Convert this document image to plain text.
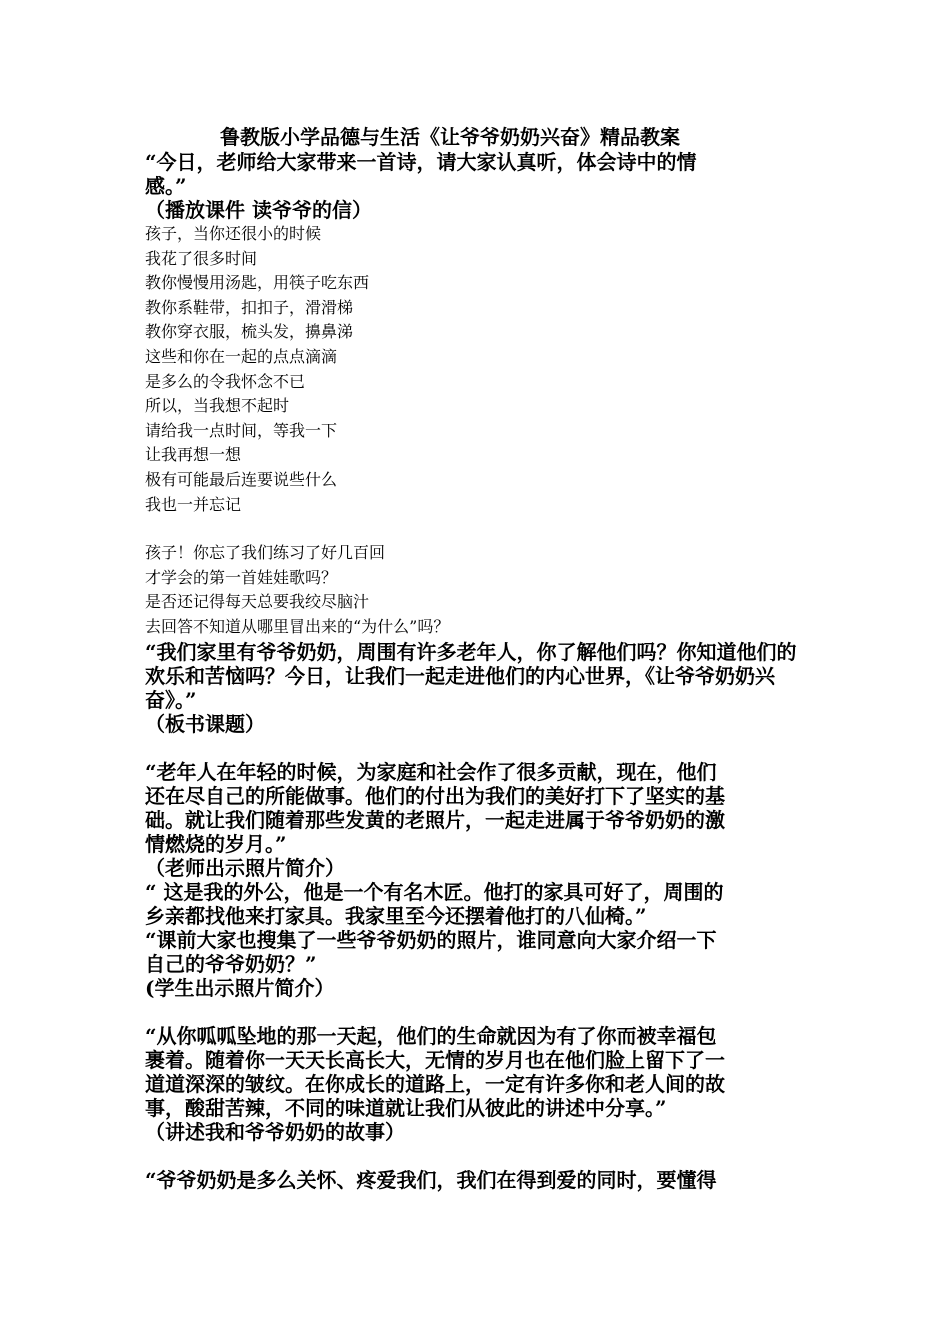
鲁教版小学品德与生活《让爷爷奶奶兴奋》精品教案
“今日，老师给大家带来一首诗，请大家认真听，体会诗中的情
感。”
（播放课件 读爷爷的信）
孩子，当你还很小的时候
我花了很多时间
教你慢慢用汤匙，用筷子吃东西
教你系鞋带，扣扣子，滑滑梯
教你穿衣服，梳头发，擤鼻涕
这些和你在一起的点点滴滴
是多么的令我怀念不已
所以，当我想不起时
请给我一点时间，等我一下
让我再想一想
极有可能最后连要说些什么
我也一并忘记
孩子！你忘了我们练习了好几百回
才学会的第一首娃娃歌吗？
是否还记得每天总要我绞尽脑汁
去回答不知道从哪里冒出来的“为什么”吗？
“我们家里有爷爷奶奶，周围有许多老年人，你了解他们吗？你知道他们的
欢乐和苦恼吗？今日，让我们一起走进他们的内心世界，《让爷爷奶奶兴
奋》。”
（板书课题）
“老年人在年轻的时候，为家庭和社会作了很多贡献，现在，他们
还在尽自己的所能做事。他们的付出为我们的美好打下了坚实的基
础。就让我们随着那些发黄的老照片，一起走进属于爷爷奶奶的激
情燃烧的岁月。”
（老师出示照片简介）
“ 这是我的外公，他是一个有名木匠。他打的家具可好了，周围的
乡亲都找他来打家具。我家里至今还摆着他打的八仙椅。”
“课前大家也搜集了一些爷爷奶奶的照片，谁同意向大家介绍一下
自己的爷爷奶奶？”
(学生出示照片简介）
“从你呱呱坠地的那一天起，他们的生命就因为有了你而被幸福包
裹着。随着你一天天长高长大，无情的岁月也在他们脸上留下了一
道道深深的皱纹。在你成长的道路上，一定有许多你和老人间的故
事，酸甜苦辣，不同的味道就让我们从彼此的讲述中分享。”
（讲述我和爷爷奶奶的故事）
“爷爷奶奶是多么关怀、疼爱我们，我们在得到爱的同时，要懂得
